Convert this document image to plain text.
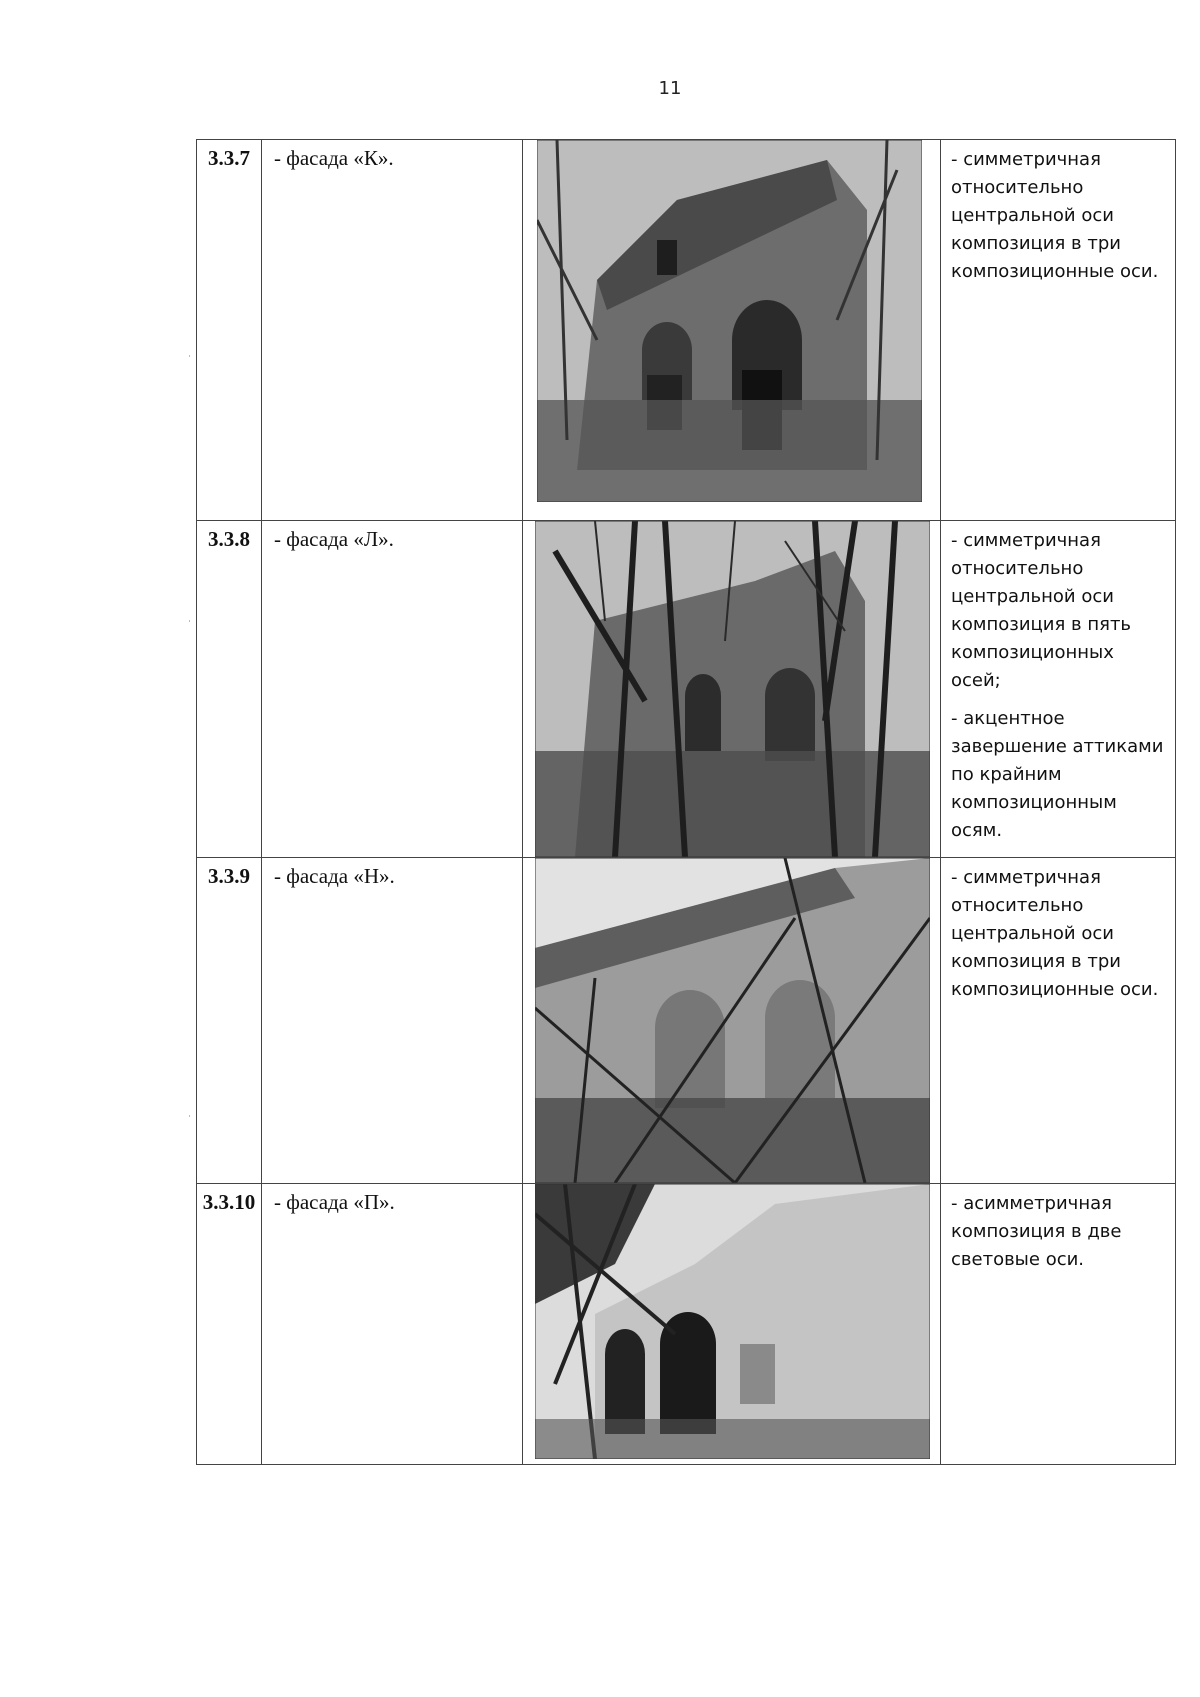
11
3.3.7	- фасада «К».		- симметричная относительно центральной оси композиция в три композиционные оси.

3.3.8	- фасада «Л».		- симметричная относительно центральной оси композиция в пять композиционных осей;

- акцентное завершение аттиками по крайним композиционным осям.

3.3.9	- фасада «Н».		- симметричная относительно центральной оси композиция в три композиционные оси.

3.3.10	- фасада «П».		- асимметричная композиция в две световые оси.
